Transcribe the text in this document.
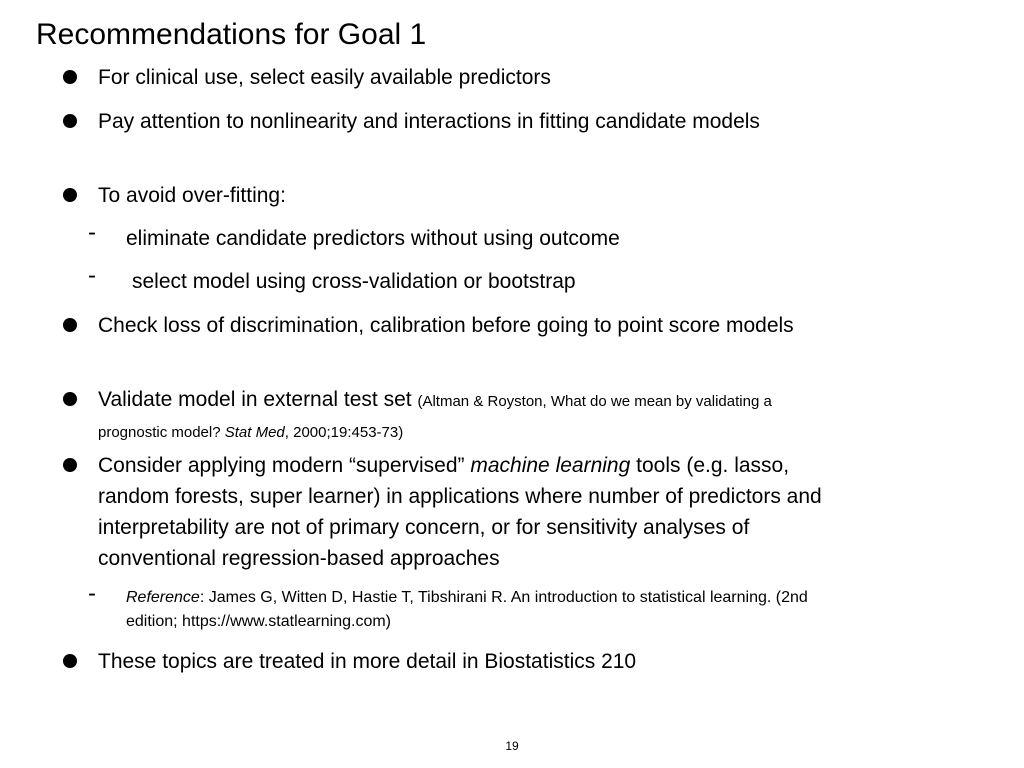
Recommendations for Goal 1
For clinical use, select easily available predictors
Pay attention to nonlinearity and interactions in fitting candidate models
To avoid over-fitting:
- eliminate candidate predictors without using outcome
- select model using cross-validation or bootstrap
Check loss of discrimination, calibration before going to point score models
Validate model in external test set (Altman & Royston, What do we mean by validating a prognostic model? Stat Med, 2000;19:453-73)
Consider applying modern “supervised” machine learning tools (e.g. lasso, random forests, super learner) in applications where number of predictors and interpretability are not of primary concern, or for sensitivity analyses of conventional regression-based approaches
- Reference: James G, Witten D, Hastie T, Tibshirani R. An introduction to statistical learning. (2nd edition; https://www.statlearning.com)
These topics are treated in more detail in Biostatistics 210
19
